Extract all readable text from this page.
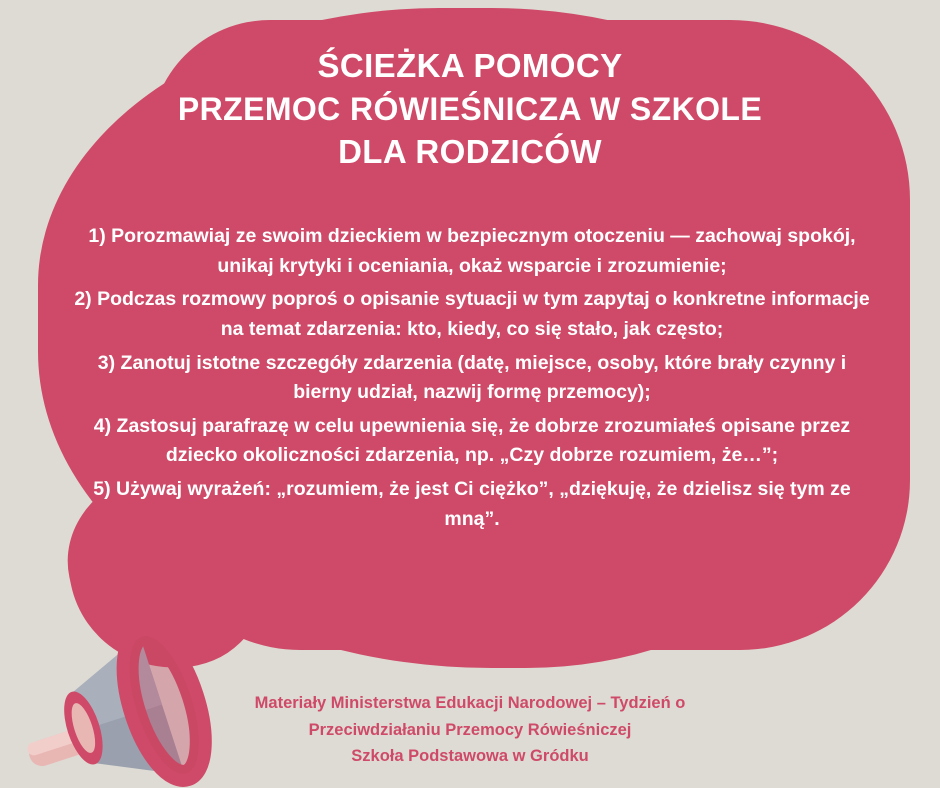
ŚCIEŻKA POMOCY
PRZEMOC RÓWIEŚNICZA W SZKOLE
DLA RODZICÓW

1) Porozmawiaj ze swoim dzieckiem w bezpiecznym otoczeniu — zachowaj spokój, unikaj krytyki i oceniania, okaż wsparcie i zrozumienie;

2) Podczas rozmowy poproś o opisanie sytuacji w tym zapytaj o konkretne informacje na temat zdarzenia: kto, kiedy, co się stało, jak często;

3) Zanotuj istotne szczegóły zdarzenia (datę, miejsce, osoby, które brały czynny i bierny udział, nazwij formę przemocy);

4) Zastosuj parafrazę w celu upewnienia się, że dobrze zrozumiałeś opisane przez dziecko okoliczności zdarzenia, np. „Czy dobrze rozumiem, że…”;

5) Używaj wyrażeń: „rozumiem, że jest Ci ciężko”, „dziękuję, że dzielisz się tym ze mną”.

Materiały Ministerstwa Edukacji Narodowej – Tydzień o
Przeciwdziałaniu Przemocy Rówieśniczej
Szkoła Podstawowa w Gródku
